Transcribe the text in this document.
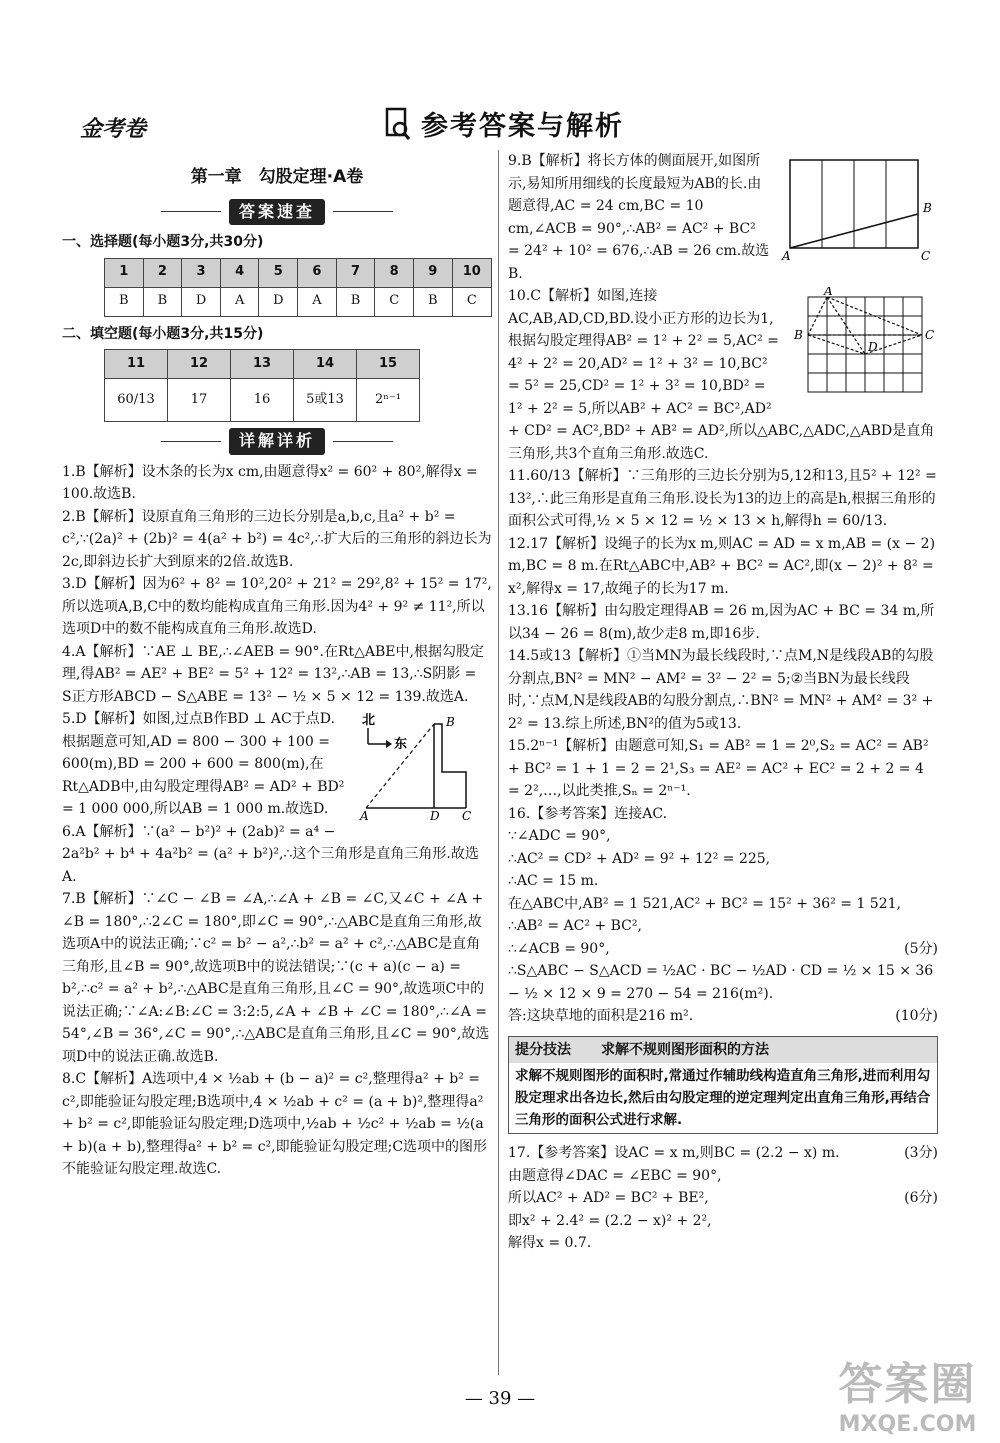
金考卷	参考答案与解析
第一章　勾股定理·A卷
答案速查
一、选择题(每小题3分,共30分)
1	2	3	4	5	6	7	8	9	10
B	B	D	A	D	A	B	C	B	C
二、填空题(每小题3分,共15分)
11	12	13	14	15
60/13	17	16	5或13	2ⁿ⁻¹
详解详析

1.B【解析】设木条的长为x cm,由题意得x² = 60² + 80²,解得x = 100.故选B.

2.B【解析】设原直角三角形的三边长分别是a,b,c,且a² + b² = c²,∵(2a)² + (2b)² = 4(a² + b²) = 4c²,∴扩大后的三角形的斜边长为2c,即斜边长扩大到原来的2倍.故选B.

3.D【解析】因为6² + 8² = 10²,20² + 21² = 29²,8² + 15² = 17²,所以选项A,B,C中的数均能构成直角三角形.因为4² + 9² ≠ 11²,所以选项D中的数不能构成直角三角形.故选D.

4.A【解析】∵AE ⊥ BE,∴∠AEB = 90°.在Rt△ABE中,根据勾股定理,得AB² = AE² + BE² = 5² + 12² = 13²,∴AB = 13,∴S阴影 =

S正方形ABCD − S△ABE = 13² − ½ × 5 × 12 = 139.故选A.

北
东
B
A	D C

5.D【解析】如图,过点B作BD ⊥ AC于点D.根据题意可知,AD = 800 − 300 + 100 = 600(m),BD = 200 + 600 = 800(m),在Rt△ADB中,由勾股定理得AB² = AD² + BD² = 1 000 000,所以AB = 1 000 m.故选D.

6.A【解析】∵(a² − b²)² + (2ab)² = a⁴ − 2a²b² + b⁴ + 4a²b² = (a² + b²)²,∴这个三角形是直角三角形.故选A.

7.B【解析】∵∠C − ∠B = ∠A,∴∠A + ∠B = ∠C,又∠C + ∠A + ∠B = 180°,∴2∠C = 180°,即∠C = 90°,∴△ABC是直角三角形,故选项A中的说法正确;∵c² = b² − a²,∴b² = a² + c²,∴△ABC是直角三角形,且∠B = 90°,故选项B中的说法错误;∵(c + a)(c − a) = b²,∴c² = a² + b²,∴△ABC是直角三角形,且∠C = 90°,故选项C中的说法正确;∵∠A:∠B:∠C = 3:2:5,∠A + ∠B + ∠C = 180°,∴∠A = 54°,∠B = 36°,∠C = 90°,∴△ABC是直角三角形,且∠C = 90°,故选项D中的说法正确.故选B.

8.C【解析】A选项中,4 × ½ab + (b − a)² = c²,整理得a² + b² = c²,即能验证勾股定理;B选项中,4 × ½ab + c² = (a + b)²,整理得a² + b² = c²,即能验证勾股定理;D选项中,½ab + ½c² + ½ab = ½(a + b)(a + b),整理得a² + b² = c²,即能验证勾股定理;C选项中的图形不能验证勾股定理.故选C.

A
B
C

9.B【解析】将长方体的侧面展开,如图所示,易知所用细线的长度最短为AB的长.由题意得,AC = 24 cm,BC = 10 cm,∠ACB = 90°,∴AB² = AC² + BC² = 24² + 10² = 676,∴AB = 26 cm.故选B.

A
B	C
D

10.C【解析】如图,连接AC,AB,AD,CD,BD.设小正方形的边长为1,根据勾股定理得AB² = 1² + 2² = 5,AC² = 4² + 2² = 20,AD² = 1² + 3² = 10,BC² = 5² = 25,CD² = 1² + 3² = 10,BD² = 1² + 2² = 5,所以AB² + AC² = BC²,AD² + CD² = AC²,BD² + AB² = AD²,所以△ABC,△ADC,△ABD是直角三角形,共3个直角三角形.故选C.

11.60/13【解析】∵三角形的三边长分别为5,12和13,且5² + 12² = 13²,∴此三角形是直角三角形.设长为13的边上的高是h,根据三角形的面积公式可得,½ × 5 × 12 = ½ × 13 × h,解得h = 60/13.

12.17【解析】设绳子的长为x m,则AC = AD = x m,AB = (x − 2) m,BC = 8 m.在Rt△ABC中,AB² + BC² = AC²,即(x − 2)² + 8² = x²,解得x = 17,故绳子的长为17 m.

13.16【解析】由勾股定理得AB = 26 m,因为AC + BC = 34 m,所以34 − 26 = 8(m),故少走8 m,即16步.

14.5或13【解析】①当MN为最长线段时,∵点M,N是线段AB的勾股分割点,BN² = MN² − AM² = 3² − 2² = 5;②当BN为最长线段时,∵点M,N是线段AB的勾股分割点,∴BN² = MN² + AM² = 3² + 2² = 13.综上所述,BN²的值为5或13.

15.2ⁿ⁻¹【解析】由题意可知,S₁ = AB² = 1 = 2⁰,S₂ = AC² = AB² + BC² = 1 + 1 = 2 = 2¹,S₃ = AE² = AC² + EC² = 2 + 2 = 4 = 2²,…,以此类推,Sₙ = 2ⁿ⁻¹.

16.【参考答案】连接AC.

∵∠ADC = 90°,

∴AC² = CD² + AD² = 9² + 12² = 225,

∴AC = 15 m.

在△ABC中,AB² = 1 521,AC² + BC² = 15² + 36² = 1 521,

∴AB² = AC² + BC²,

∴∠ACB = 90°,	(5分)

∴S△ABC − S△ACD = ½AC · BC − ½AD · CD = ½ × 15 × 36 − ½ × 12 × 9 = 270 − 54 = 216(m²).

答:这块草地的面积是216 m².	(10分)

提分技法 求解不规则图形面积的方法
求解不规则图形的面积时,常通过作辅助线构造直角三角形,进而利用勾股定理求出各边长,然后由勾股定理的逆定理判定出直角三角形,再结合三角形的面积公式进行求解.

17.【参考答案】设AC = x m,则BC = (2.2 − x) m.	(3分)

由题意得∠DAC = ∠EBC = 90°,

所以AC² + AD² = BC² + BE²,	(6分)

即x² + 2.4² = (2.2 − x)² + 2²,

解得x = 0.7.

— 39 —	答案圈
MXQE.COM
